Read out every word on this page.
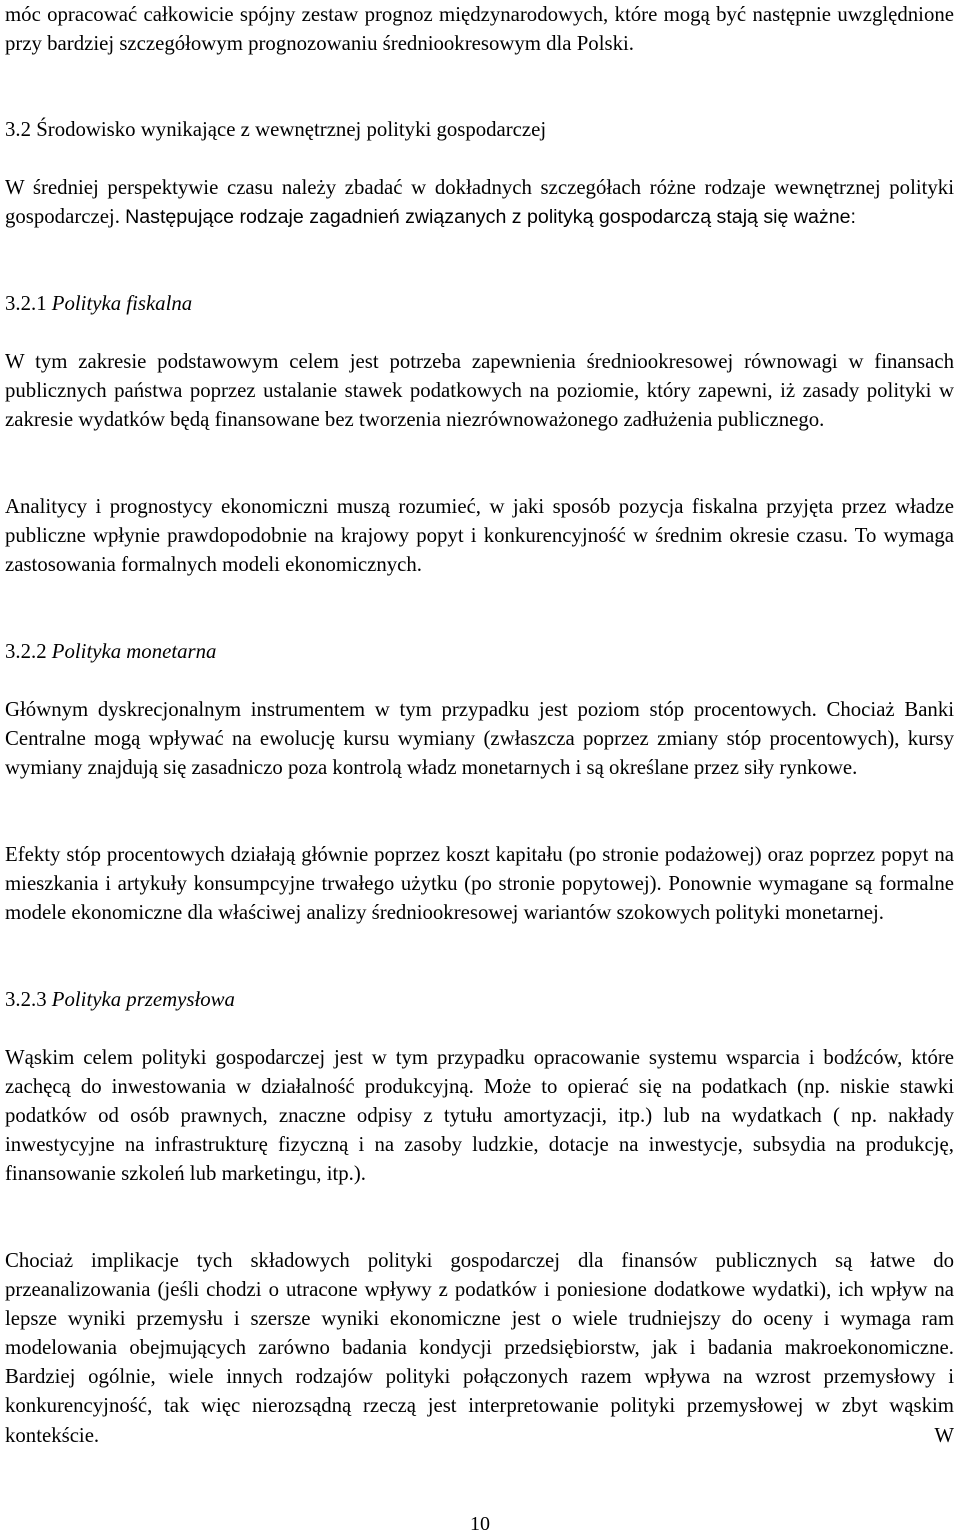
móc opracować całkowicie spójny zestaw prognoz międzynarodowych, które mogą być następnie uwzględnione przy bardziej szczegółowym prognozowaniu średniookresowym dla Polski.

3.2 Środowisko wynikające z wewnętrznej polityki gospodarczej

W średniej perspektywie czasu należy zbadać w dokładnych szczegółach różne rodzaje wewnętrznej polityki gospodarczej. Następujące rodzaje zagadnień związanych z polityką gospodarczą stają się ważne:

3.2.1 Polityka fiskalna

W tym zakresie podstawowym celem jest potrzeba zapewnienia średniookresowej równowagi w finansach publicznych państwa poprzez ustalanie stawek podatkowych na poziomie, który zapewni, iż zasady polityki w zakresie wydatków będą finansowane bez tworzenia niezrównoważonego zadłużenia publicznego.

Analitycy i prognostycy ekonomiczni muszą rozumieć, w jaki sposób pozycja fiskalna przyjęta przez władze publiczne wpłynie prawdopodobnie na krajowy popyt i konkurencyjność w średnim okresie czasu. To wymaga zastosowania formalnych modeli ekonomicznych.

3.2.2 Polityka monetarna

Głównym dyskrecjonalnym instrumentem w tym przypadku jest poziom stóp procentowych. Chociaż Banki Centralne mogą wpływać na ewolucję kursu wymiany (zwłaszcza poprzez zmiany stóp procentowych), kursy wymiany znajdują się zasadniczo poza kontrolą władz monetarnych i są określane przez siły rynkowe.

Efekty stóp procentowych działają głównie poprzez koszt kapitału (po stronie podażowej) oraz poprzez popyt na mieszkania i artykuły konsumpcyjne trwałego użytku (po stronie popytowej). Ponownie wymagane są formalne modele ekonomiczne dla właściwej analizy średniookresowej wariantów szokowych polityki monetarnej.

3.2.3 Polityka przemysłowa

Wąskim celem polityki gospodarczej jest w tym przypadku opracowanie systemu wsparcia i bodźców, które zachęcą do inwestowania w działalność produkcyjną. Może to opierać się na podatkach (np. niskie stawki podatków od osób prawnych, znaczne odpisy z tytułu amortyzacji, itp.) lub na wydatkach ( np. nakłady inwestycyjne na infrastrukturę fizyczną i na zasoby ludzkie, dotacje na inwestycje, subsydia na produkcję, finansowanie szkoleń lub marketingu, itp.).

Chociaż implikacje tych składowych polityki gospodarczej dla finansów publicznych są łatwe do przeanalizowania (jeśli chodzi o utracone wpływy z podatków i poniesione dodatkowe wydatki), ich wpływ na lepsze wyniki przemysłu i szersze wyniki ekonomiczne jest o wiele trudniejszy do oceny i wymaga ram modelowania obejmujących zarówno badania kondycji przedsiębiorstw, jak i badania makroekonomiczne. Bardziej ogólnie, wiele innych rodzajów polityki połączonych razem wpływa na wzrost przemysłowy i konkurencyjność, tak więc nierozsądną rzeczą jest interpretowanie polityki przemysłowej w zbyt wąskim kontekście. W

10
